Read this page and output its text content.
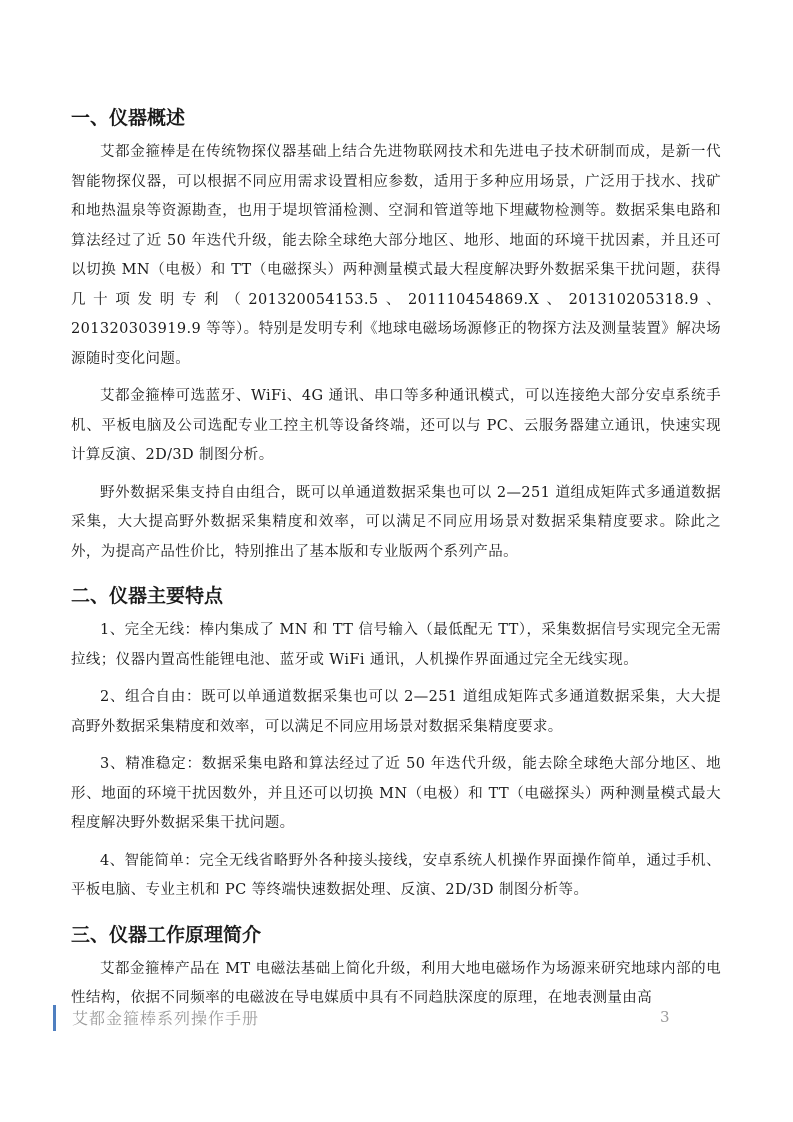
一、仪器概述

艾都金箍棒是在传统物探仪器基础上结合先进物联网技术和先进电子技术研制而成，是新一代智能物探仪器，可以根据不同应用需求设置相应参数，适用于多种应用场景，广泛用于找水、找矿和地热温泉等资源勘查，也用于堤坝管涌检测、空洞和管道等地下埋藏物检测等。数据采集电路和算法经过了近 50 年迭代升级，能去除全球绝大部分地区、地形、地面的环境干扰因素，并且还可以切换 MN（电极）和 TT（电磁探头）两种测量模式最大程度解决野外数据采集干扰问题，获得几十项发明专利（201320054153.5、201110454869.X、201310205318.9、201320303919.9 等等）。特别是发明专利《地球电磁场场源修正的物探方法及测量装置》解决场源随时变化问题。

艾都金箍棒可选蓝牙、WiFi、4G 通讯、串口等多种通讯模式，可以连接绝大部分安卓系统手机、平板电脑及公司选配专业工控主机等设备终端，还可以与 PC、云服务器建立通讯，快速实现计算反演、2D/3D 制图分析。

野外数据采集支持自由组合，既可以单通道数据采集也可以 2—251 道组成矩阵式多通道数据采集，大大提高野外数据采集精度和效率，可以满足不同应用场景对数据采集精度要求。除此之外，为提高产品性价比，特别推出了基本版和专业版两个系列产品。

二、仪器主要特点

1、完全无线：棒内集成了 MN 和 TT 信号输入（最低配无 TT），采集数据信号实现完全无需拉线；仪器内置高性能锂电池、蓝牙或 WiFi 通讯，人机操作界面通过完全无线实现。

2、组合自由：既可以单通道数据采集也可以 2—251 道组成矩阵式多通道数据采集，大大提高野外数据采集精度和效率，可以满足不同应用场景对数据采集精度要求。

3、精准稳定：数据采集电路和算法经过了近 50 年迭代升级，能去除全球绝大部分地区、地形、地面的环境干扰因数外，并且还可以切换 MN（电极）和 TT（电磁探头）两种测量模式最大程度解决野外数据采集干扰问题。

4、智能简单：完全无线省略野外各种接头接线，安卓系统人机操作界面操作简单，通过手机、平板电脑、专业主机和 PC 等终端快速数据处理、反演、2D/3D 制图分析等。

三、仪器工作原理简介

艾都金箍棒产品在 MT 电磁法基础上简化升级，利用大地电磁场作为场源来研究地球内部的电性结构，依据不同频率的电磁波在导电媒质中具有不同趋肤深度的原理，在地表测量由高

艾都金箍棒系列操作手册	3
